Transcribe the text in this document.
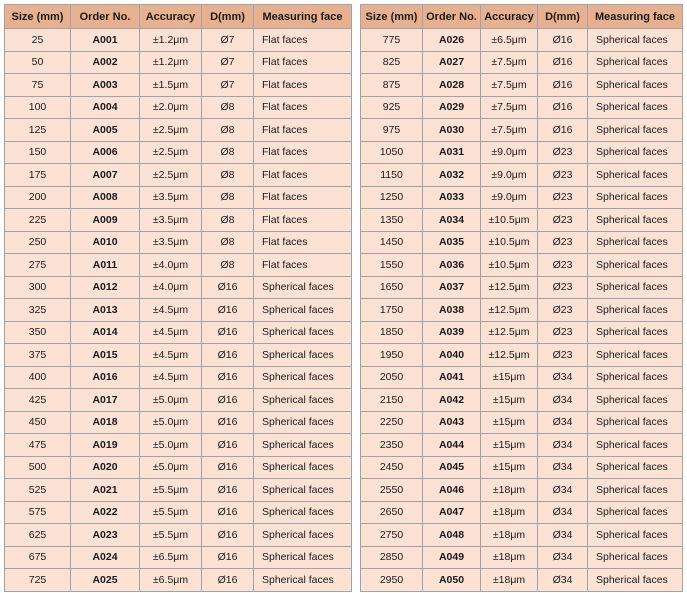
Size (mm)	Order No.	Accuracy	D(mm)	Measuring face
25	A001	±1.2μm	Ø7	Flat faces
50	A002	±1.2μm	Ø7	Flat faces
75	A003	±1.5μm	Ø7	Flat faces
100	A004	±2.0μm	Ø8	Flat faces
125	A005	±2.5μm	Ø8	Flat faces
150	A006	±2.5μm	Ø8	Flat faces
175	A007	±2.5μm	Ø8	Flat faces
200	A008	±3.5μm	Ø8	Flat faces
225	A009	±3.5μm	Ø8	Flat faces
250	A010	±3.5μm	Ø8	Flat faces
275	A011	±4.0μm	Ø8	Flat faces
300	A012	±4.0μm	Ø16	Spherical faces
325	A013	±4.5μm	Ø16	Spherical faces
350	A014	±4.5μm	Ø16	Spherical faces
375	A015	±4.5μm	Ø16	Spherical faces
400	A016	±4.5μm	Ø16	Spherical faces
425	A017	±5.0μm	Ø16	Spherical faces
450	A018	±5.0μm	Ø16	Spherical faces
475	A019	±5.0μm	Ø16	Spherical faces
500	A020	±5.0μm	Ø16	Spherical faces
525	A021	±5.5μm	Ø16	Spherical faces
575	A022	±5.5μm	Ø16	Spherical faces
625	A023	±5.5μm	Ø16	Spherical faces
675	A024	±6.5μm	Ø16	Spherical faces
725	A025	±6.5μm	Ø16	Spherical faces
Size (mm)	Order No.	Accuracy	D(mm)	Measuring face
775	A026	±6.5μm	Ø16	Spherical faces
825	A027	±7.5μm	Ø16	Spherical faces
875	A028	±7.5μm	Ø16	Spherical faces
925	A029	±7.5μm	Ø16	Spherical faces
975	A030	±7.5μm	Ø16	Spherical faces
1050	A031	±9.0μm	Ø23	Spherical faces
1150	A032	±9.0μm	Ø23	Spherical faces
1250	A033	±9.0μm	Ø23	Spherical faces
1350	A034	±10.5μm	Ø23	Spherical faces
1450	A035	±10.5μm	Ø23	Spherical faces
1550	A036	±10.5μm	Ø23	Spherical faces
1650	A037	±12.5μm	Ø23	Spherical faces
1750	A038	±12.5μm	Ø23	Spherical faces
1850	A039	±12.5μm	Ø23	Spherical faces
1950	A040	±12.5μm	Ø23	Spherical faces
2050	A041	±15μm	Ø34	Spherical faces
2150	A042	±15μm	Ø34	Spherical faces
2250	A043	±15μm	Ø34	Spherical faces
2350	A044	±15μm	Ø34	Spherical faces
2450	A045	±15μm	Ø34	Spherical faces
2550	A046	±18μm	Ø34	Spherical faces
2650	A047	±18μm	Ø34	Spherical faces
2750	A048	±18μm	Ø34	Spherical faces
2850	A049	±18μm	Ø34	Spherical faces
2950	A050	±18μm	Ø34	Spherical faces
